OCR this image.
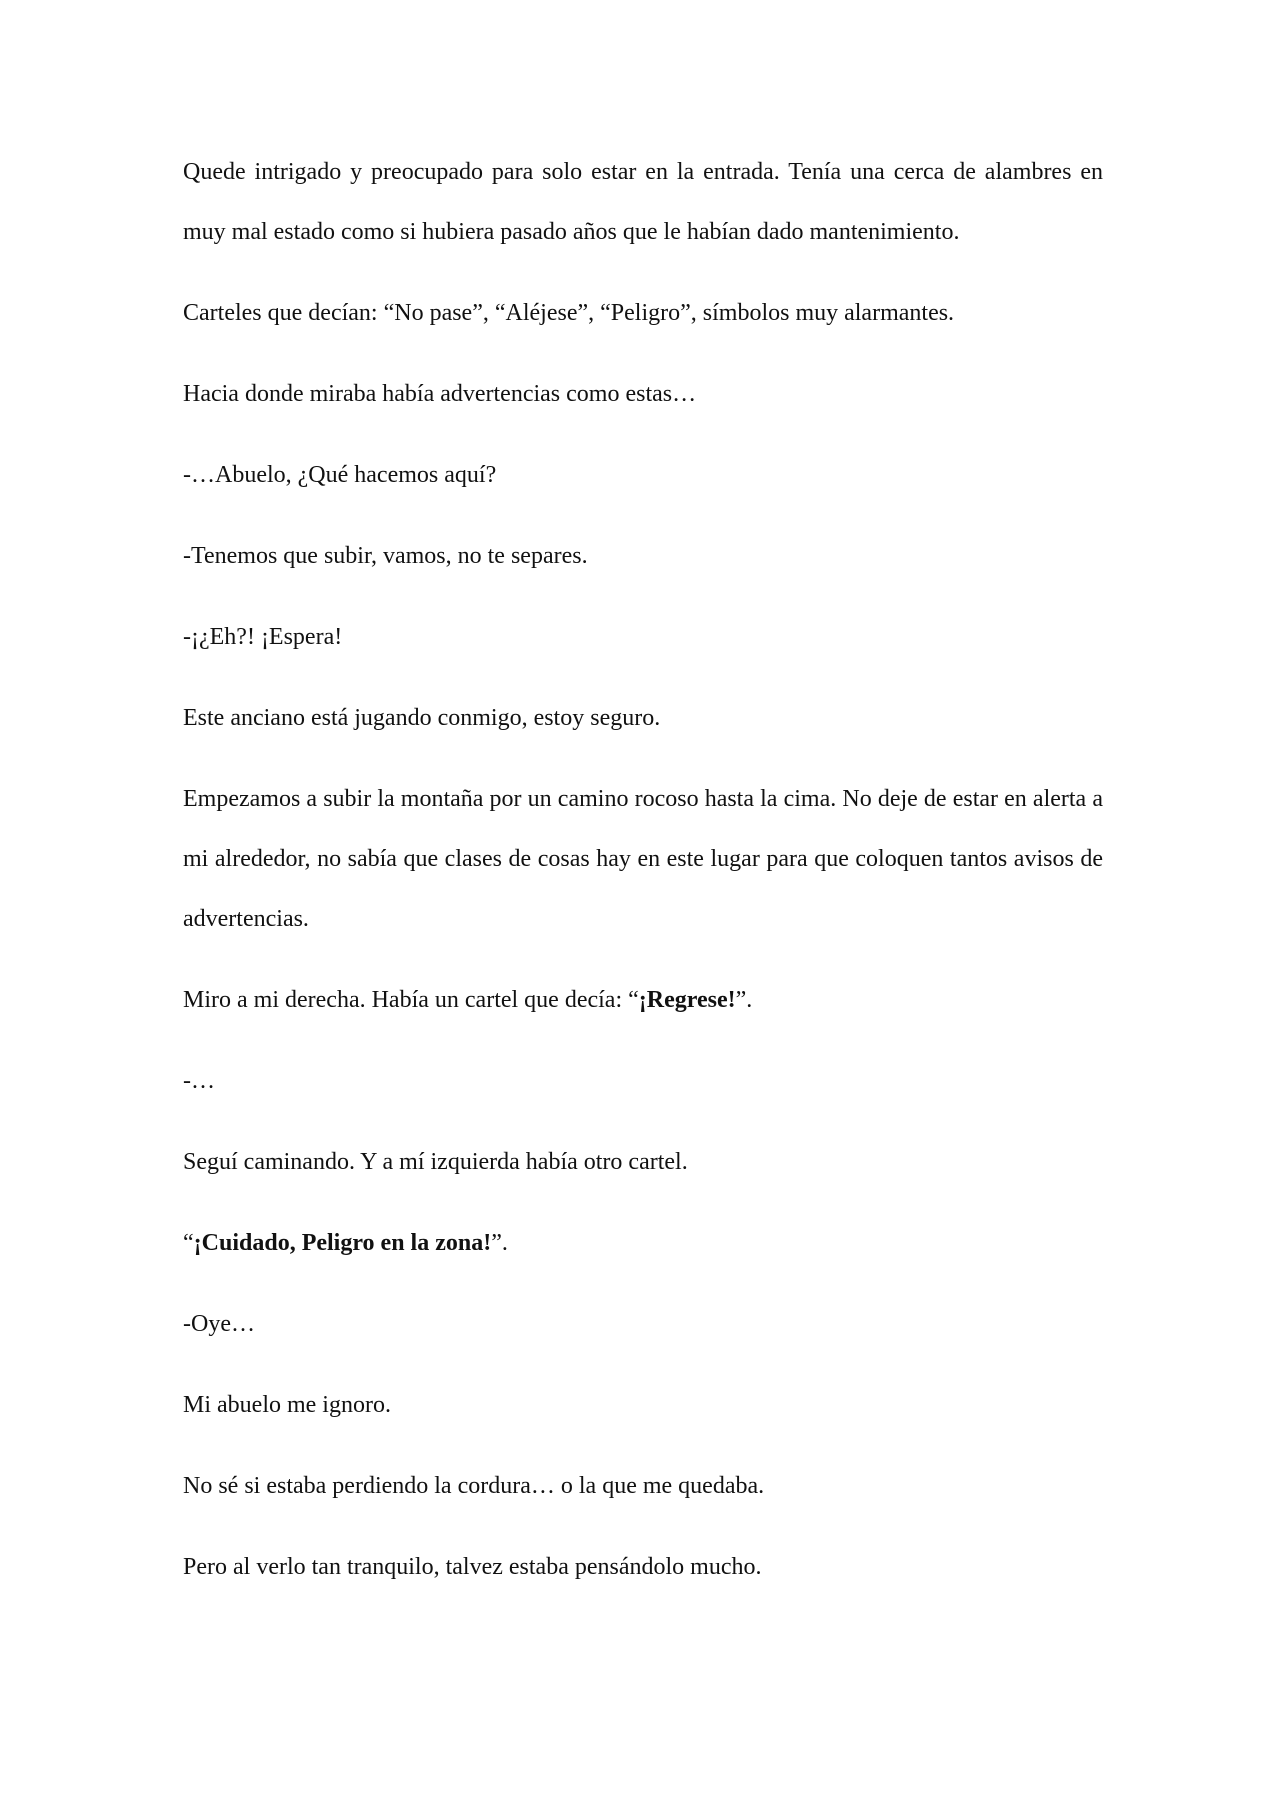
Quede intrigado y preocupado para solo estar en la entrada. Tenía una cerca de alambres en muy mal estado como si hubiera pasado años que le habían dado mantenimiento.

Carteles que decían: “No pase”, “Aléjese”, “Peligro”, símbolos muy alarmantes.

Hacia donde miraba había advertencias como estas…

-…Abuelo, ¿Qué hacemos aquí?

-Tenemos que subir, vamos, no te separes.

-¡¿Eh?! ¡Espera!

Este anciano está jugando conmigo, estoy seguro.

Empezamos a subir la montaña por un camino rocoso hasta la cima. No deje de estar en alerta a mi alrededor, no sabía que clases de cosas hay en este lugar para que coloquen tantos avisos de advertencias.

Miro a mi derecha. Había un cartel que decía: “¡Regrese!”.

-…

Seguí caminando. Y a mí izquierda había otro cartel.

“¡Cuidado, Peligro en la zona!”.

-Oye…

Mi abuelo me ignoro.

No sé si estaba perdiendo la cordura… o la que me quedaba.

Pero al verlo tan tranquilo, talvez estaba pensándolo mucho.
